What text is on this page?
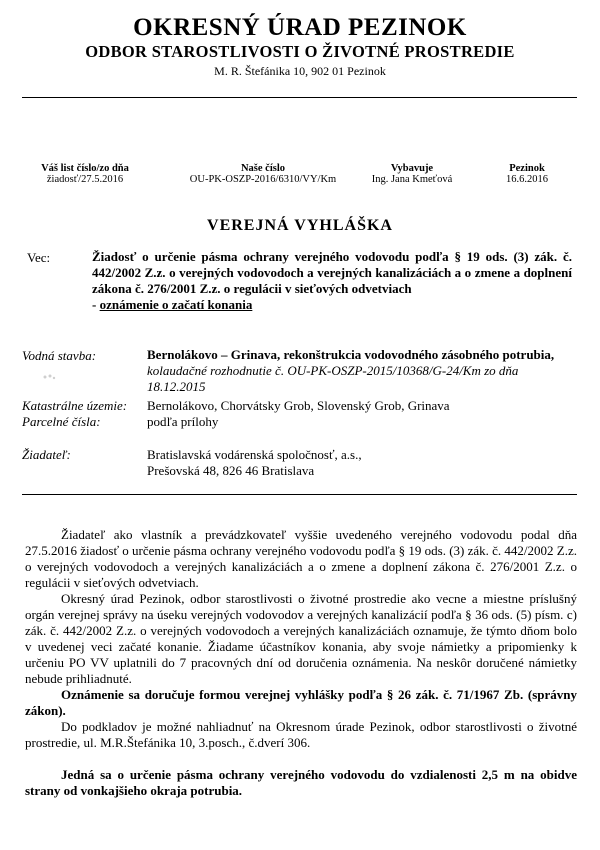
OKRESNÝ ÚRAD PEZINOK
ODBOR STAROSTLIVOSTI O ŽIVOTNÉ PROSTREDIE
M. R. Štefánika 10, 902 01 Pezinok
Váš list číslo/zo dňa
žiadosť/27.5.2016
Naše číslo
OU-PK-OSZP-2016/6310/VY/Km
Vybavuje
Ing. Jana Kmeťová
Pezinok
16.6.2016
VEREJNÁ VYHLÁŠKA
Vec:	Žiadosť o určenie pásma ochrany verejného vodovodu podľa § 19 ods. (3) zák. č. 442/2002 Z.z. o verejných vodovodoch a verejných kanalizáciách a o zmene a doplnení zákona č. 276/2001 Z.z. o regulácii v sieťových odvetviach
- oznámenie o začatí konania
Vodná stavba:	Bernolákovo – Grinava, rekonštrukcia vodovodného zásobného potrubia, kolaudačné rozhodnutie č. OU-PK-OSZP-2015/10368/G-24/Km zo dňa 18.12.2015
Katastrálne územie: Bernolákovo, Chorvátsky Grob, Slovenský Grob, Grinava
Parcelné čísla:	podľa prílohy
Žiadateľ:	Bratislavská vodárenská spoločnosť, a.s.,
Prešovská 48, 826 46 Bratislava

Žiadateľ ako vlastník a prevádzkovateľ vyššie uvedeného verejného vodovodu podal dňa 27.5.2016 žiadosť o určenie pásma ochrany verejného vodovodu podľa § 19 ods. (3) zák. č. 442/2002 Z.z. o verejných vodovodoch a verejných kanalizáciách a o zmene a doplnení zákona č. 276/2001 Z.z. o regulácii v sieťových odvetviach.

Okresný úrad Pezinok, odbor starostlivosti o životné prostredie ako vecne a miestne príslušný orgán verejnej správy na úseku verejných vodovodov a verejných kanalizácií podľa § 36 ods. (5) písm. c) zák. č. 442/2002 Z.z. o verejných vodovodoch a verejných kanalizáciách oznamuje, že týmto dňom bolo v uvedenej veci začaté konanie. Žiadame účastníkov konania, aby svoje námietky a pripomienky k určeniu PO VV uplatnili do 7 pracovných dní od doručenia oznámenia. Na neskôr doručené námietky nebude prihliadnuté.

Oznámenie sa doručuje formou verejnej vyhlášky podľa § 26 zák. č. 71/1967 Zb. (správny zákon).

Do podkladov je možné nahliadnuť na Okresnom úrade Pezinok, odbor starostlivosti o životné prostredie, ul. M.R.Štefánika 10, 3.posch., č.dverí 306.

Jedná sa o určenie pásma ochrany verejného vodovodu do vzdialenosti 2,5 m na obidve strany od vonkajšieho okraja potrubia.
